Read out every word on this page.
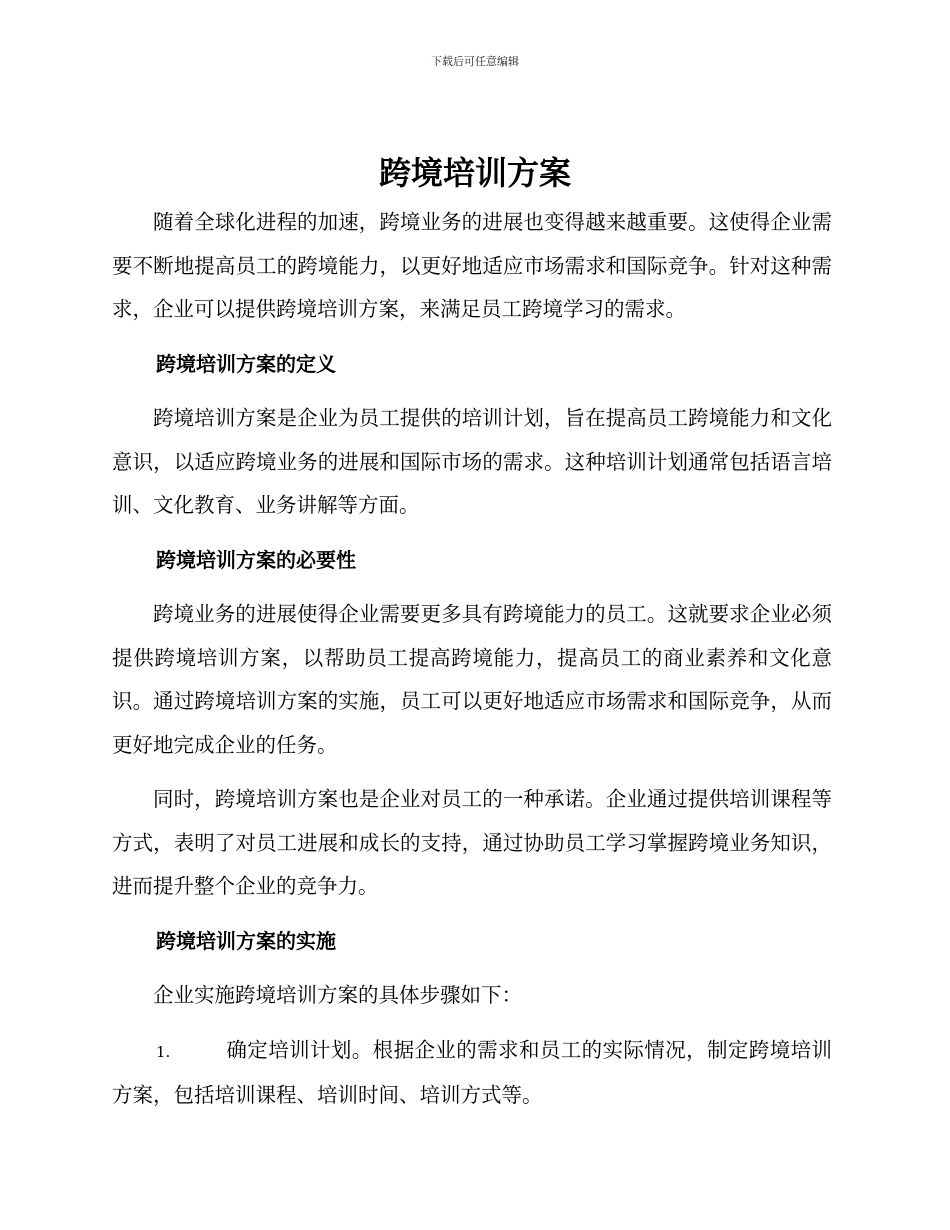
下载后可任意编辑
跨境培训方案

随着全球化进程的加速，跨境业务的进展也变得越来越重要。这使得企业需要不断地提高员工的跨境能力，以更好地适应市场需求和国际竞争。针对这种需求，企业可以提供跨境培训方案，来满足员工跨境学习的需求。

跨境培训方案的定义

跨境培训方案是企业为员工提供的培训计划，旨在提高员工跨境能力和文化意识，以适应跨境业务的进展和国际市场的需求。这种培训计划通常包括语言培训、文化教育、业务讲解等方面。

跨境培训方案的必要性

跨境业务的进展使得企业需要更多具有跨境能力的员工。这就要求企业必须提供跨境培训方案，以帮助员工提高跨境能力，提高员工的商业素养和文化意识。通过跨境培训方案的实施，员工可以更好地适应市场需求和国际竞争，从而更好地完成企业的任务。

同时，跨境培训方案也是企业对员工的一种承诺。企业通过提供培训课程等方式，表明了对员工进展和成长的支持，通过协助员工学习掌握跨境业务知识，进而提升整个企业的竞争力。

跨境培训方案的实施

企业实施跨境培训方案的具体步骤如下：

1.	确定培训计划。根据企业的需求和员工的实际情况，制定跨境培训方案，包括培训课程、培训时间、培训方式等。
